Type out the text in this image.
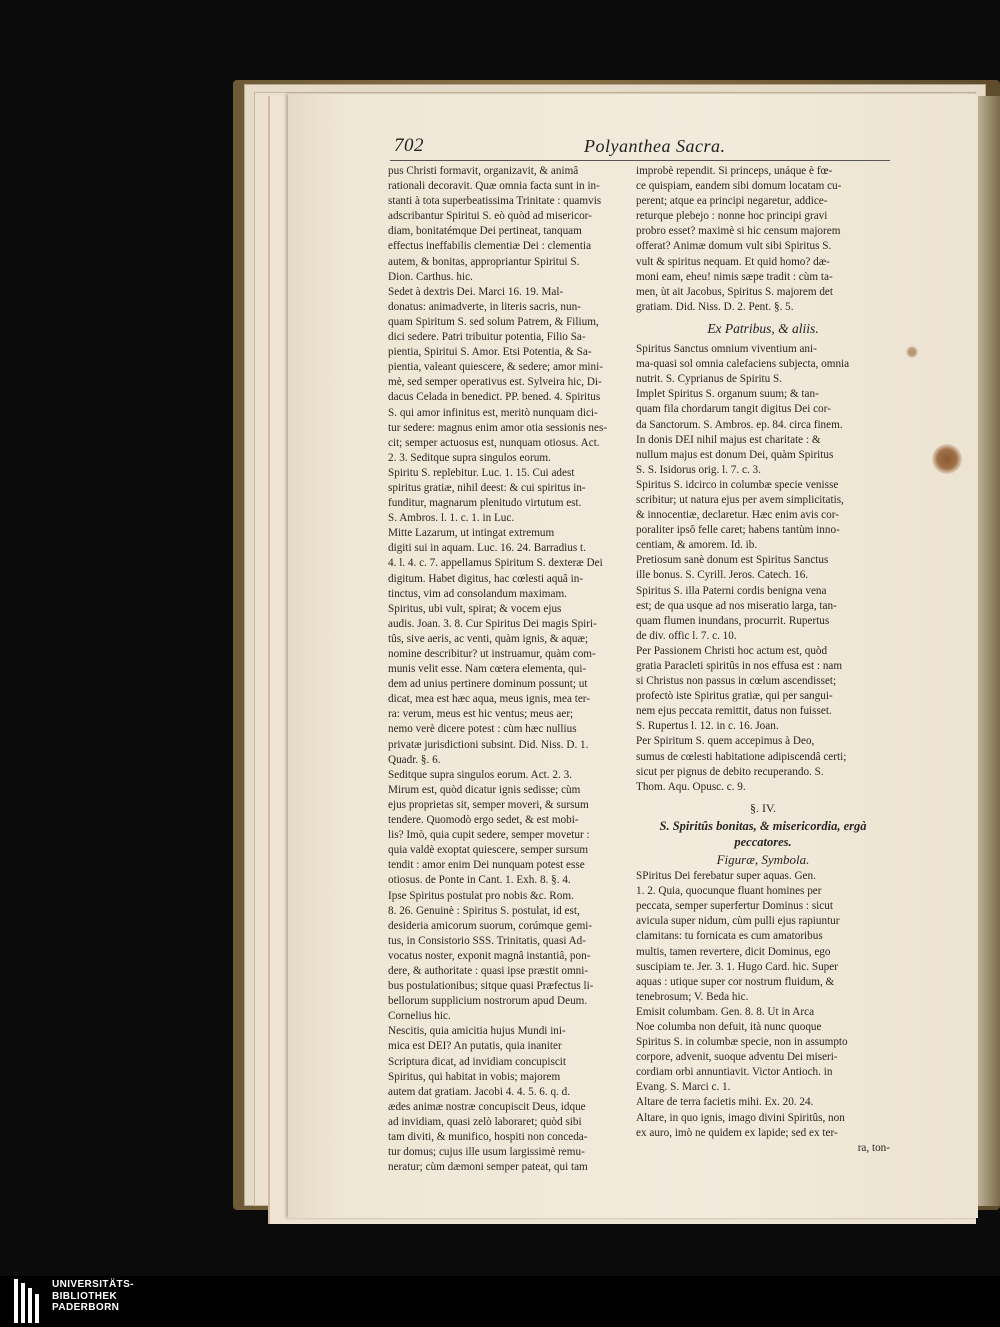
702	Polyanthea Sacra.

pus Christi formavit, organizavit, & animâ

rationali decoravit. Quæ omnia facta sunt in in-

stanti à tota superbeatissima Trinitate : quamvis

adscribantur Spiritui S. eò quòd ad misericor-

diam, bonitatémque Dei pertineat, tanquam

effectus ineffabilis clementiæ Dei : clementia

autem, & bonitas, appropriantur Spiritui S.

Dion. Carthus. hic.

Sedet à dextris Dei. Marci 16. 19. Mal-

donatus: animadverte, in literis sacris, nun-

quam Spiritum S. sed solum Patrem, & Filium,

dici sedere. Patri tribuitur potentia, Filio Sa-

pientia, Spiritui S. Amor. Etsi Potentia, & Sa-

pientia, valeant quiescere, & sedere; amor mini-

mè, sed semper operativus est. Sylveira hic, Di-

dacus Celada in benedict. PP. bened. 4. Spiritus

S. qui amor infinitus est, meritò nunquam dici-

tur sedere: magnus enim amor otia sessionis nes-

cit; semper actuosus est, nunquam otiosus. Act.

2. 3. Seditque supra singulos eorum.

Spiritu S. replebitur. Luc. 1. 15. Cui adest

spiritus gratiæ, nihil deest: & cui spiritus in-

funditur, magnarum plenitudo virtutum est.

S. Ambros. l. 1. c. 1. in Luc.

Mitte Lazarum, ut intingat extremum

digiti sui in aquam. Luc. 16. 24. Barradius t.

4. l. 4. c. 7. appellamus Spiritum S. dexteræ Dei

digitum. Habet digitus, hac cœlesti aquâ in-

tinctus, vim ad consolandum maximam.

Spiritus, ubi vult, spirat; & vocem ejus

audis. Joan. 3. 8. Cur Spiritus Dei magis Spiri-

tûs, sive aeris, ac venti, quàm ignis, & aquæ;

nomine describitur? ut instruamur, quàm com-

munis velit esse. Nam cœtera elementa, qui-

dem ad unius pertinere dominum possunt; ut

dicat, mea est hæc aqua, meus ignis, mea ter-

ra: verum, meus est hic ventus; meus aer;

nemo verè dicere potest : cùm hæc nullius

privatæ jurisdictioni subsint. Did. Niss. D. 1.

Quadr. §. 6.

Seditque supra singulos eorum. Act. 2. 3.

Mirum est, quòd dicatur ignis sedisse; cùm

ejus proprietas sit, semper moveri, & sursum

tendere. Quomodò ergo sedet, & est mobi-

lis? Imò, quia cupit sedere, semper movetur :

quia valdè exoptat quiescere, semper sursum

tendit : amor enim Dei nunquam potest esse

otiosus. de Ponte in Cant. 1. Exh. 8. §. 4.

Ipse Spiritus postulat pro nobis &c. Rom.

8. 26. Genuinè : Spiritus S. postulat, id est,

desideria amicorum suorum, corúmque gemi-

tus, in Consistorio SSS. Trinitatis, quasi Ad-

vocatus noster, exponit magnâ instantiâ, pon-

dere, & authoritate : quasi ipse præstit omni-

bus postulationibus; sitque quasi Præfectus li-

bellorum supplicium nostrorum apud Deum.

Cornelius hic.

Nescitis, quia amicitia hujus Mundi ini-

mica est DEI? An putatis, quia inaniter

Scriptura dicat, ad invidiam concupiscit

Spiritus, qui habitat in vobis; majorem

autem dat gratiam. Jacobi 4. 4. 5. 6. q. d.

ædes animæ nostræ concupiscit Deus, idque

ad invidiam, quasi zelò laboraret; quòd sibi

tam diviti, & munifico, hospiti non conceda-

tur domus; cujus ille usum largissimè remu-

neratur; cùm dæmoni semper pateat, qui tam

improbè rependit. Si princeps, unáque è fœ-

ce quispiam, eandem sibi domum locatam cu-

perent; atque ea principi negaretur, addice-

returque plebejo : nonne hoc principi gravi

probro esset? maximè si hic censum majorem

offerat? Animæ domum vult sibi Spiritus S.

vult & spiritus nequam. Et quid homo? dæ-

moni eam, eheu! nimis sæpe tradit : cùm ta-

men, ùt ait Jacobus, Spiritus S. majorem det

gratiam. Did. Niss. D. 2. Pent. §. 5.

Ex Patribus, & aliis.

Spiritus Sanctus omnium viventium ani-

ma-quasi sol omnia calefaciens subjecta, omnia

nutrit. S. Cyprianus de Spiritu S.

Implet Spiritus S. organum suum; & tan-

quam fila chordarum tangit digitus Dei cor-

da Sanctorum. S. Ambros. ep. 84. circa finem.

In donis DEI nihil majus est charitate : &

nullum majus est donum Dei, quàm Spiritus

S. S. Isidorus orig. l. 7. c. 3.

Spiritus S. idcirco in columbæ specie venisse

scribitur; ut natura ejus per avem simplicitatis,

& innocentiæ, declaretur. Hæc enim avis cor-

poraliter ipsô felle caret; habens tantùm inno-

centiam, & amorem. Id. ib.

Pretiosum sanè donum est Spiritus Sanctus

ille bonus. S. Cyrill. Jeros. Catech. 16.

Spiritus S. illa Paterni cordis benigna vena

est; de qua usque ad nos miseratio larga, tan-

quam flumen inundans, procurrit. Rupertus

de div. offic l. 7. c. 10.

Per Passionem Christi hoc actum est, quòd

gratia Paracleti spiritûs in nos effusa est : nam

si Christus non passus in cœlum ascendisset;

profectò iste Spiritus gratiæ, qui per sangui-

nem ejus peccata remittit, datus non fuisset.

S. Rupertus l. 12. in c. 16. Joan.

Per Spiritum S. quem accepimus à Deo,

sumus de cœlesti habitatione adipiscendâ certi;

sicut per pignus de debito recuperando. S.

Thom. Aqu. Opusc. c. 9.

§. IV.

S. Spiritûs bonitas, & misericordia, ergà

peccatores.

Figuræ, Symbola.

SPiritus Dei ferebatur super aquas. Gen.

1. 2. Quia, quocunque fluant homines per

peccata, semper superfertur Dominus : sicut

avicula super nidum, cùm pulli ejus rapiuntur

clamitans: tu fornicata es cum amatoribus

multis, tamen revertere, dicit Dominus, ego

suscipiam te. Jer. 3. 1. Hugo Card. hic. Super

aquas : utique super cor nostrum fluidum, &

tenebrosum; V. Beda hic.

Emisit columbam. Gen. 8. 8. Ut in Arca

Noe columba non defuit, ità nunc quoque

Spiritus S. in columbæ specie, non in assumpto

corpore, advenit, suoque adventu Dei miseri-

cordiam orbi annuntiavit. Victor Antioch. in

Evang. S. Marci c. 1.

Altare de terra facietis mihi. Ex. 20. 24.

Altare, in quo ignis, imago divini Spiritûs, non

ex auro, imò ne quidem ex lapide; sed ex ter-

ra, ton-

UNIVERSITÄTS-
BIBLIOTHEK
PADERBORN
